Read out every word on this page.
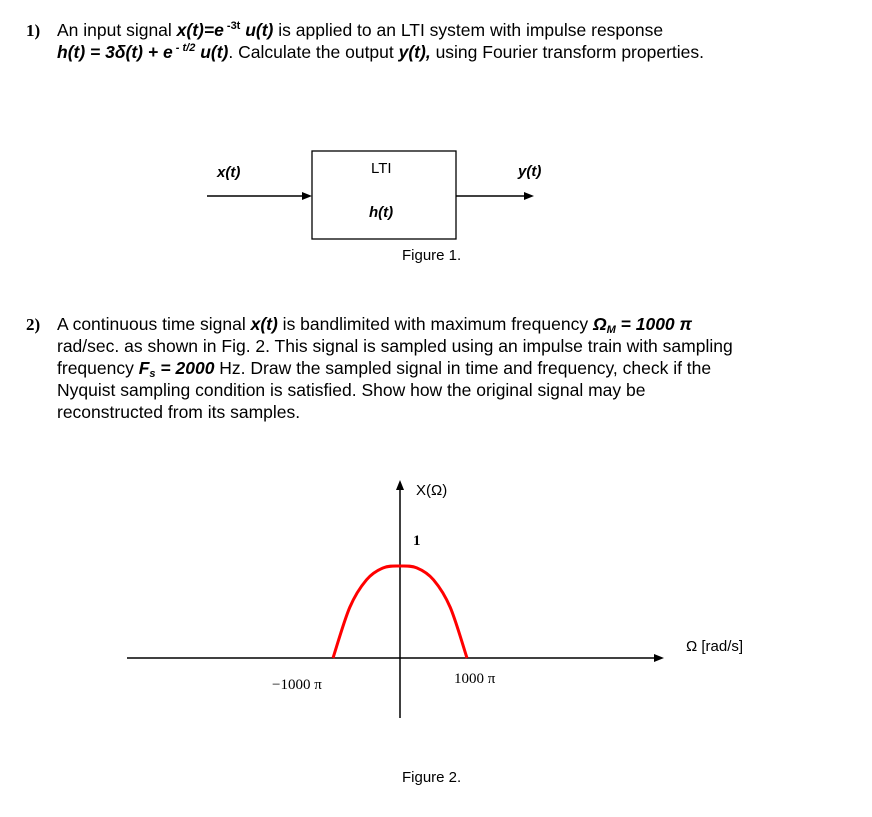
1) An input signal x(t)=e $^{-3t}$ u(t) is applied to an LTI system with impulse response
h(t) = 3δ(t) + e $^{- t/2}$ u(t). Calculate the output y(t), using Fourier transform properties.
x(t)	LTI
h(t)
y(t)
Figure 1.
2) A continuous time signal x(t) is bandlimited with maximum frequency $\Omega_M = 1000$ π
rad/sec. as shown in Fig. 2. This signal is sampled using an impulse train with sampling
frequency $F_s = 2000$ Hz. Draw the sampled signal in time and frequency, check if the
Nyquist sampling condition is satisfied. Show how the original signal may be
reconstructed from its samples.
X(Ω)
1
Ω [rad/s]
−1000 π	1000 π
Figure 2.
